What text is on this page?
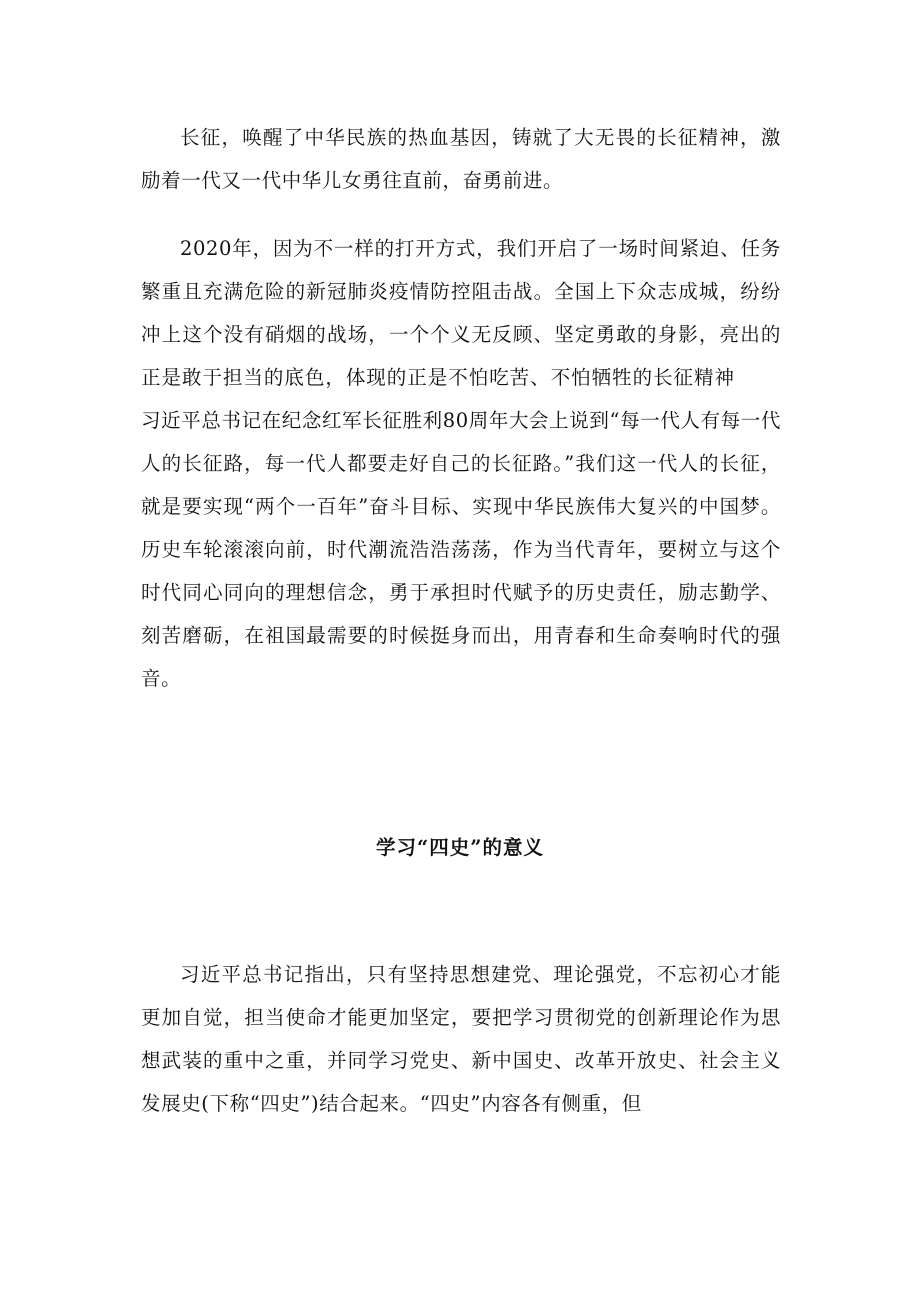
长征，唤醒了中华民族的热血基因，铸就了大无畏的长征精神，激励着一代又一代中华儿女勇往直前，奋勇前进。

2020年，因为不一样的打开方式，我们开启了一场时间紧迫、任务繁重且充满危险的新冠肺炎疫情防控阻击战。全国上下众志成城，纷纷冲上这个没有硝烟的战场，一个个义无反顾、坚定勇敢的身影，亮出的正是敢于担当的底色，体现的正是不怕吃苦、不怕牺牲的长征精神习近平总书记在纪念红军长征胜利80周年大会上说到“每一代人有每一代人的长征路，每一代人都要走好自己的长征路。”我们这一代人的长征，就是要实现“两个一百年”奋斗目标、实现中华民族伟大复兴的中国梦。历史车轮滚滚向前，时代潮流浩浩荡荡，作为当代青年，要树立与这个时代同心同向的理想信念，勇于承担时代赋予的历史责任，励志勤学、刻苦磨砺，在祖国最需要的时候挺身而出，用青春和生命奏响时代的强音。

学习“四史”的意义

习近平总书记指出，只有坚持思想建党、理论强党，不忘初心才能更加自觉，担当使命才能更加坚定，要把学习贯彻党的创新理论作为思想武装的重中之重，并同学习党史、新中国史、改革开放史、社会主义发展史(下称“四史”)结合起来。“四史”内容各有侧重，但
